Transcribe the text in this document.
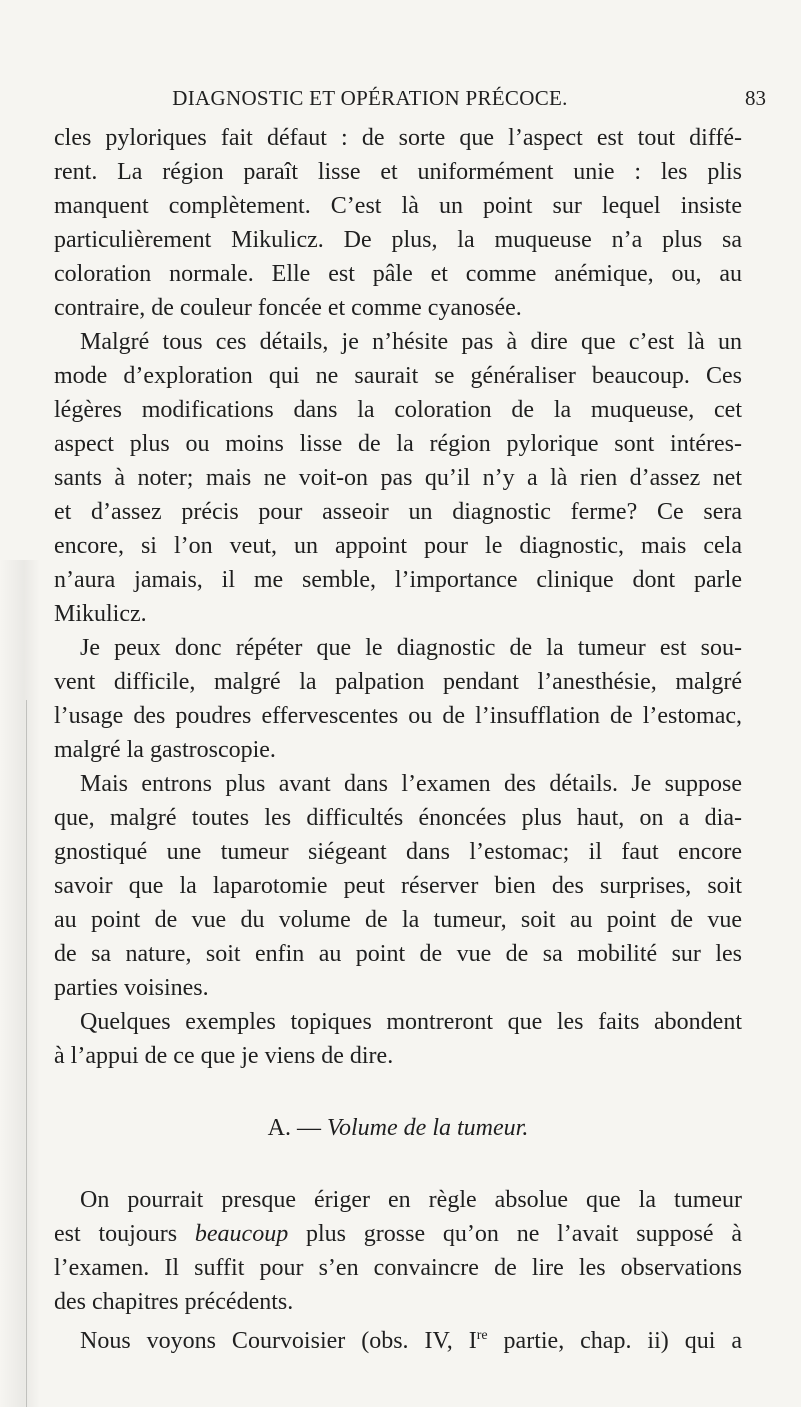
DIAGNOSTIC ET OPÉRATION PRÉCOCE.	83
cles pyloriques fait défaut : de sorte que l’aspect est tout diffé-
rent. La région paraît lisse et uniformément unie : les plis
manquent complètement. C’est là un point sur lequel insiste
particulièrement Mikulicz. De plus, la muqueuse n’a plus sa
coloration normale. Elle est pâle et comme anémique, ou, au
contraire, de couleur foncée et comme cyanosée.
Malgré tous ces détails, je n’hésite pas à dire que c’est là un
mode d’exploration qui ne saurait se généraliser beaucoup. Ces
légères modifications dans la coloration de la muqueuse, cet
aspect plus ou moins lisse de la région pylorique sont intéres-
sants à noter; mais ne voit-on pas qu’il n’y a là rien d’assez net
et d’assez précis pour asseoir un diagnostic ferme? Ce sera
encore, si l’on veut, un appoint pour le diagnostic, mais cela
n’aura jamais, il me semble, l’importance clinique dont parle
Mikulicz.
Je peux donc répéter que le diagnostic de la tumeur est sou-
vent difficile, malgré la palpation pendant l’anesthésie, malgré
l’usage des poudres effervescentes ou de l’insufflation de l’estomac,
malgré la gastroscopie.
Mais entrons plus avant dans l’examen des détails. Je suppose
que, malgré toutes les difficultés énoncées plus haut, on a dia-
gnostiqué une tumeur siégeant dans l’estomac; il faut encore
savoir que la laparotomie peut réserver bien des surprises, soit
au point de vue du volume de la tumeur, soit au point de vue
de sa nature, soit enfin au point de vue de sa mobilité sur les
parties voisines.
Quelques exemples topiques montreront que les faits abondent
à l’appui de ce que je viens de dire.
A. — Volume de la tumeur.
On pourrait presque ériger en règle absolue que la tumeur
est toujours beaucoup plus grosse qu’on ne l’avait supposé à
l’examen. Il suffit pour s’en convaincre de lire les observations
des chapitres précédents.
Nous voyons Courvoisier (obs. IV, Ire partie, chap. ii) qui a
